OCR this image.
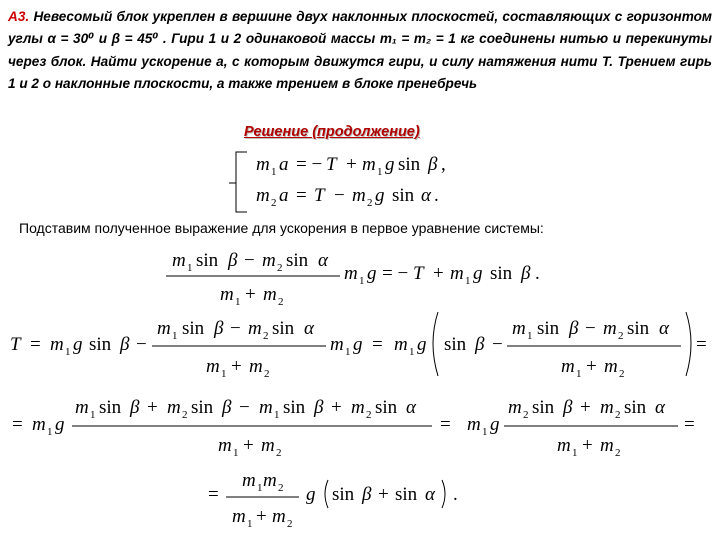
А3. Невесомый блок укреплен в вершине двух наклонных плоскостей, составляющих с горизонтом углы α = 30⁰ и β = 45⁰ . Гири 1 и 2 одинаковой массы m₁ = m₂ = 1 кг соединены нитью и перекинуты через блок. Найти ускорение а, с которым движутся гири, и силу натяжения нити T. Трением гирь 1 и 2 о наклонные плоскости, а также трением в блоке пренебречь

Решение (продолжение)
Подставим полученное выражение для ускорения в первое уравнение системы:
m 1 a = − T + m 1 g sin β ,
m 2 a = T − m 2 g sin α .
m 1 sin β − m 2 sin α
m 1 + m 2
m 1 g = − T + m 1 g sin β .
T = m 1 g sin β −
m 1 sin β − m 2 sin α
m 1 + m 2
m 1 g = m 1 g sin β −
m 1 sin β − m 2 sin α
m 1 + m 2
=
= m 1 g
m 1 sin β + m 2 sin β − m 1 sin β + m 2 sin α
m 1 + m 2
= m 1 g
m 2 sin β + m 2 sin α
m 1 + m 2
=
=
m 1 m 2
m 1 + m 2
g sin β + sin α .
